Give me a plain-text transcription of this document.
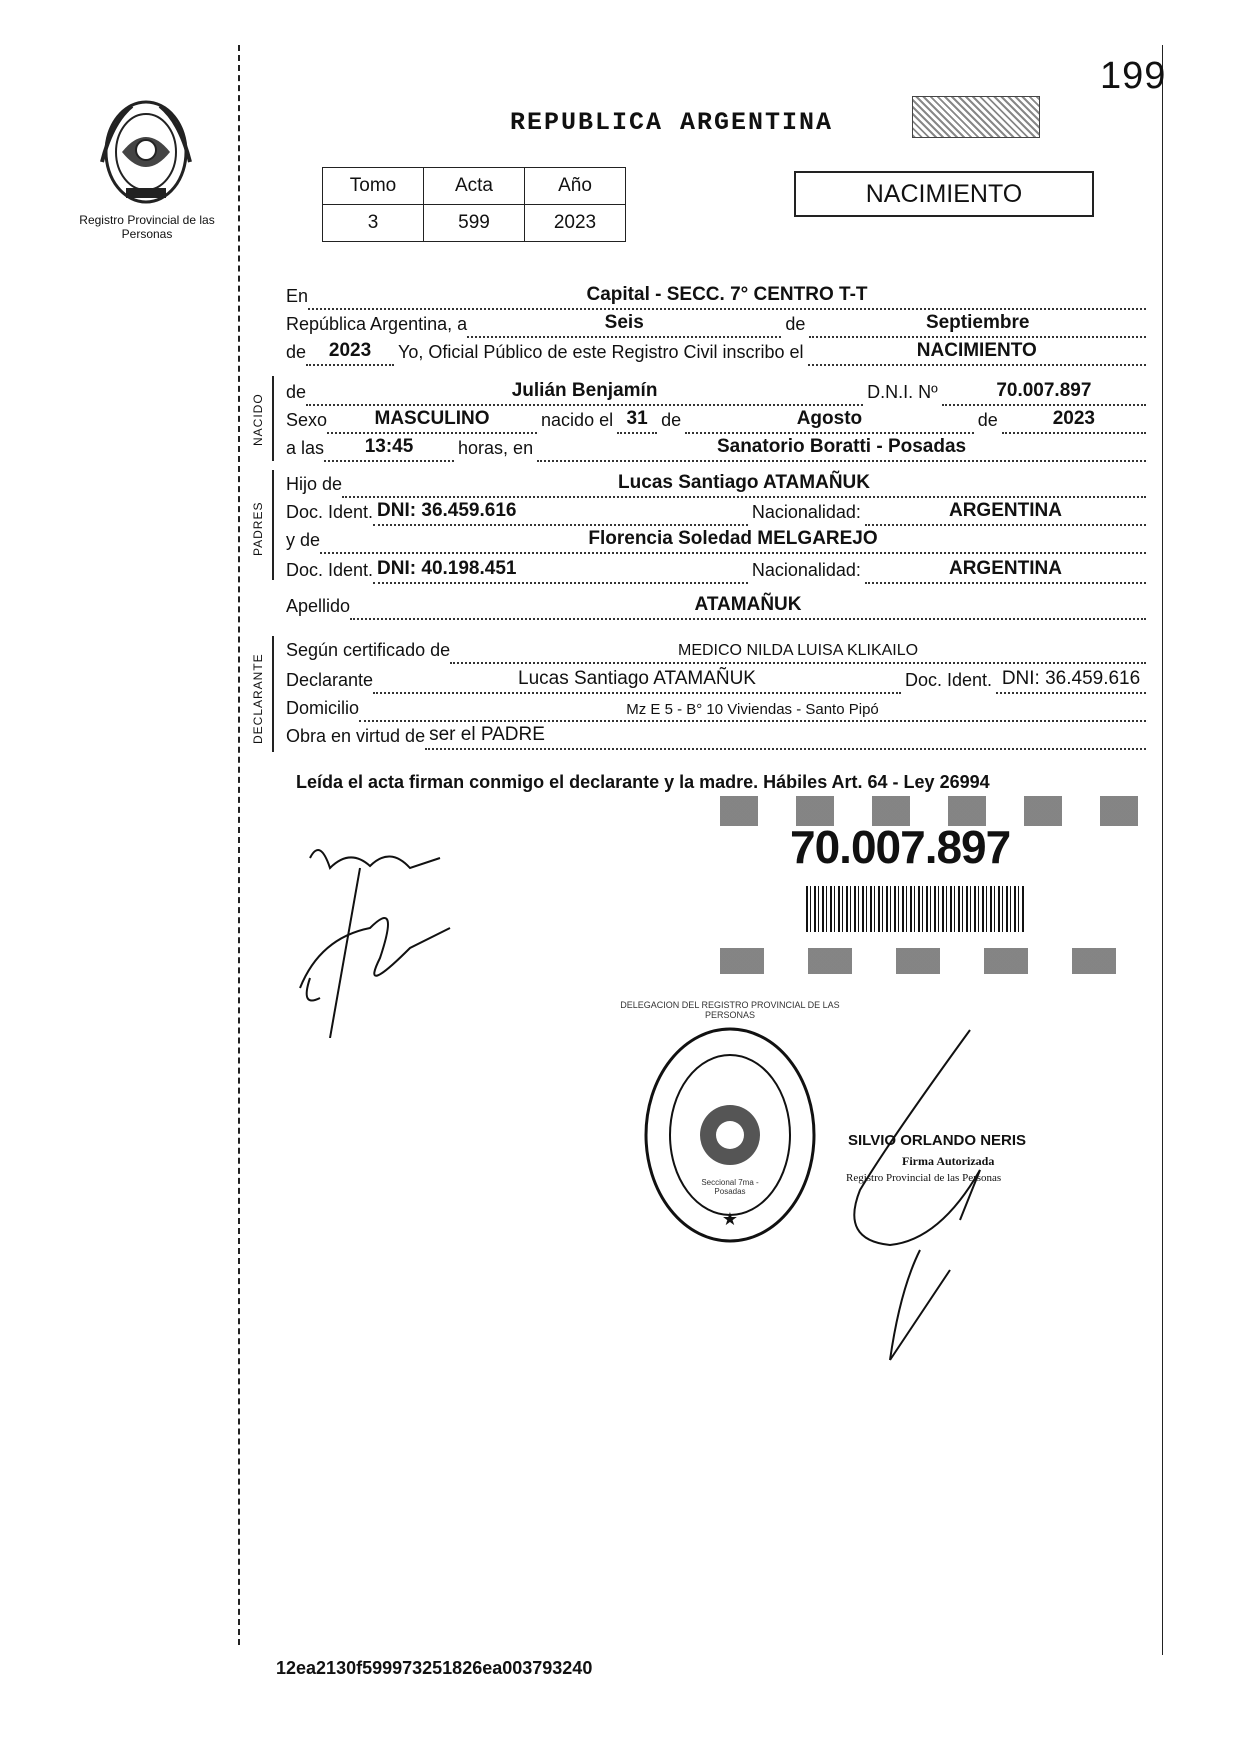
Registro Provincial de las Personas
199
REPUBLICA ARGENTINA
Tomo	Acta	Año
3	599	2023
NACIMIENTO
En	Capital - SECC. 7° CENTRO T-T
República Argentina, a	Seis	de	Septiembre
de	2023	Yo, Oficial Público de este Registro Civil inscribo el	NACIMIENTO
NACIDO
de	Julián Benjamín	D.N.I. Nº	70.007.897
Sexo	MASCULINO	nacido el 31 de	Agosto	de	2023
a las	13:45	horas, en	Sanatorio Boratti - Posadas
PADRES
Hijo de	Lucas Santiago ATAMAÑUK
Doc. Ident. DNI: 36.459.616	Nacionalidad:	ARGENTINA
y de	Florencia Soledad MELGAREJO
Doc. Ident. DNI: 40.198.451	Nacionalidad:	ARGENTINA
Apellido	ATAMAÑUK
DECLARANTE
Según certificado de	MEDICO NILDA LUISA KLIKAILO
Declarante	Lucas Santiago ATAMAÑUK	Doc. Ident. DNI: 36.459.616
Domicilio	Mz E 5 - B° 10 Viviendas - Santo Pipó
Obra en virtud de ser el PADRE
Leída el acta firman conmigo el declarante y la madre. Hábiles Art. 64 - Ley 26994
70.007.897
★
DELEGACION DEL REGISTRO PROVINCIAL DE LAS PERSONAS
Seccional 7ma - Posadas
SILVIO ORLANDO NERIS
Firma Autorizada
Registro Provincial de las Personas
12ea2130f599973251826ea003793240
